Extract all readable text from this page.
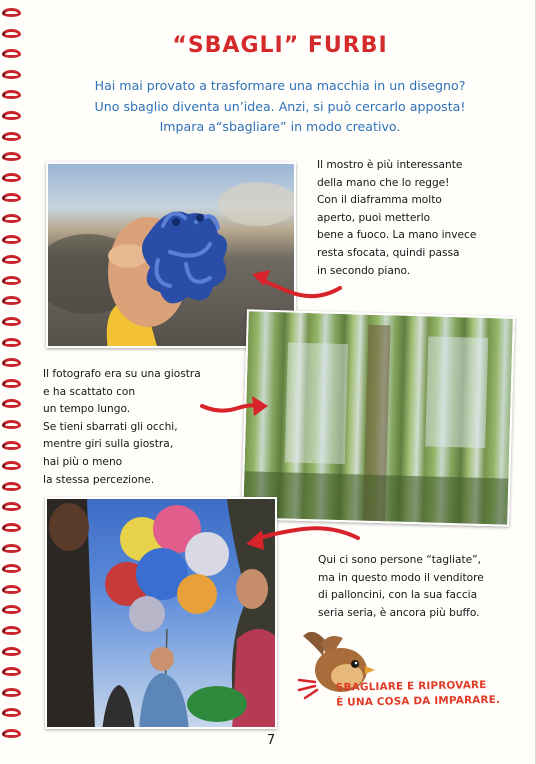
“SBAGLI” FURBI
Hai mai provato a trasformare una macchia in un disegno?
Uno sbaglio diventa un’idea. Anzi, si può cercarlo apposta!
Impara a“sbagliare” in modo creativo.
Il mostro è più interessante
della mano che lo regge!
Con il diaframma molto
aperto, puoi metterlo
bene a fuoco. La mano invece
resta sfocata, quindi passa
in secondo piano.
Il fotografo era su una giostra
e ha scattato con
un tempo lungo.
Se tieni sbarrati gli occhi,
mentre giri sulla giostra,
hai più o meno
la stessa percezione.
Qui ci sono persone “tagliate”,
ma in questo modo il venditore
di palloncini, con la sua faccia
seria seria, è ancora più buffo.
SBAGLIARE E RIPROVARE
È UNA COSA DA IMPARARE.
7
